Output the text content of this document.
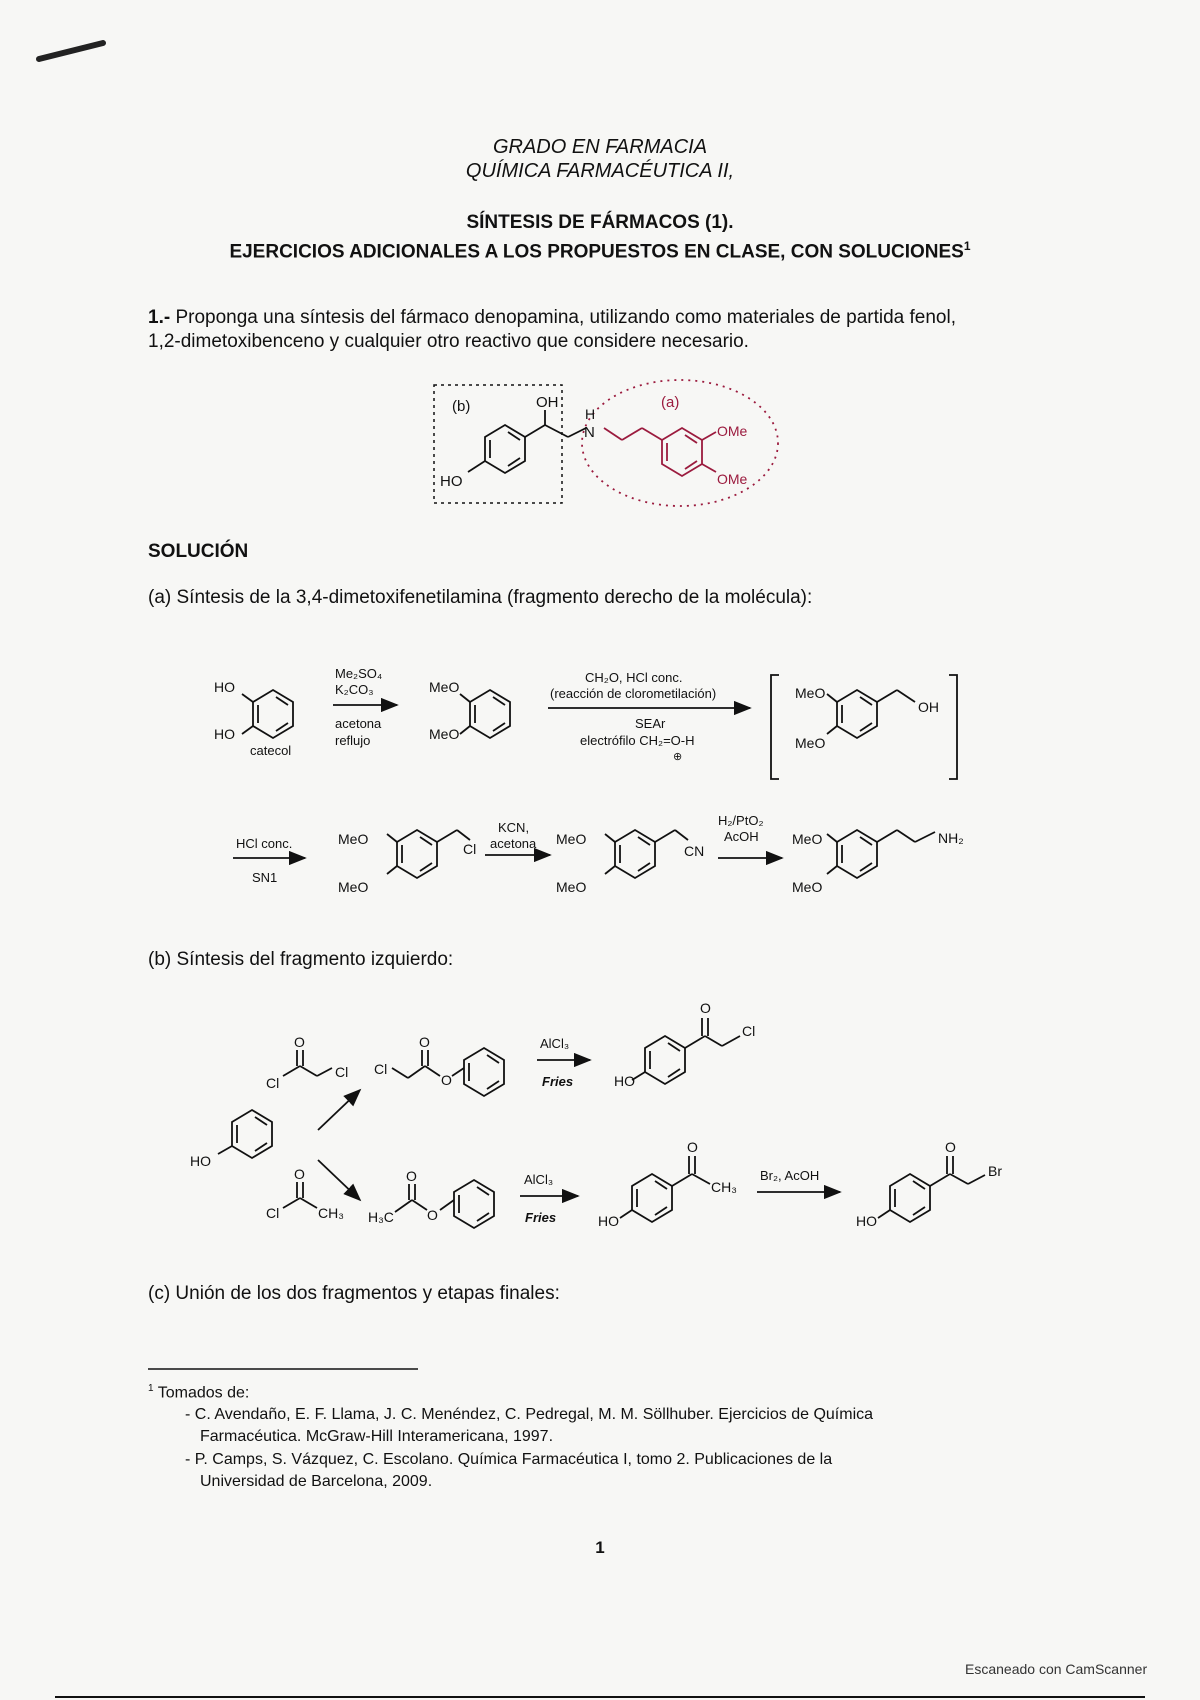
GRADO EN FARMACIA
QUÍMICA FARMACÉUTICA II,
SÍNTESIS DE FÁRMACOS (1).
EJERCICIOS ADICIONALES A LOS PROPUESTOS EN CLASE, CON SOLUCIONES$^1$
1.- Proponga una síntesis del fármaco denopamina, utilizando como materiales de partida fenol,
1,2-dimetoxibenceno y cualquier otro reactivo que considere necesario.
SOLUCIÓN
(a) Síntesis de la 3,4-dimetoxifenetilamina (fragmento derecho de la molécula):
(b) Síntesis del fragmento izquierdo:
(c) Unión de los dos fragmentos y etapas finales:
(b)	(a)
OH
H
N
HO
OMe
OMe
HO
HO
catecol
Me₂SO₄
K₂CO₃
acetona
reflujo
MeO
MeO
CH₂O, HCl conc.
(reacción de clorometilación)
SEAr
electrófilo CH₂=O-H
⊕
MeO
MeO
OH
HCl conc.
SN1
MeO
MeO
Cl
KCN,
acetona MeO
MeO
CN
H₂/PtO₂
AcOH MeO
MeO
NH₂
HO
O
Cl
Cl Cl
O
O
AlCl₃
Fries
O
Cl
HO
O
Cl	CH₃
O
H₃C O
AlCl₃
Fries
O
CH₃
HO
Br₂, AcOH
O
Br
HO
$^1$ Tomados de:
- C. Avendaño, E. F. Llama, J. C. Menéndez, C. Pedregal, M. M. Söllhuber. Ejercicios de Química
Farmacéutica. McGraw-Hill Interamericana, 1997.
- P. Camps, S. Vázquez, C. Escolano. Química Farmacéutica I, tomo 2. Publicaciones de la
Universidad de Barcelona, 2009.
1
Escaneado con CamScanner
